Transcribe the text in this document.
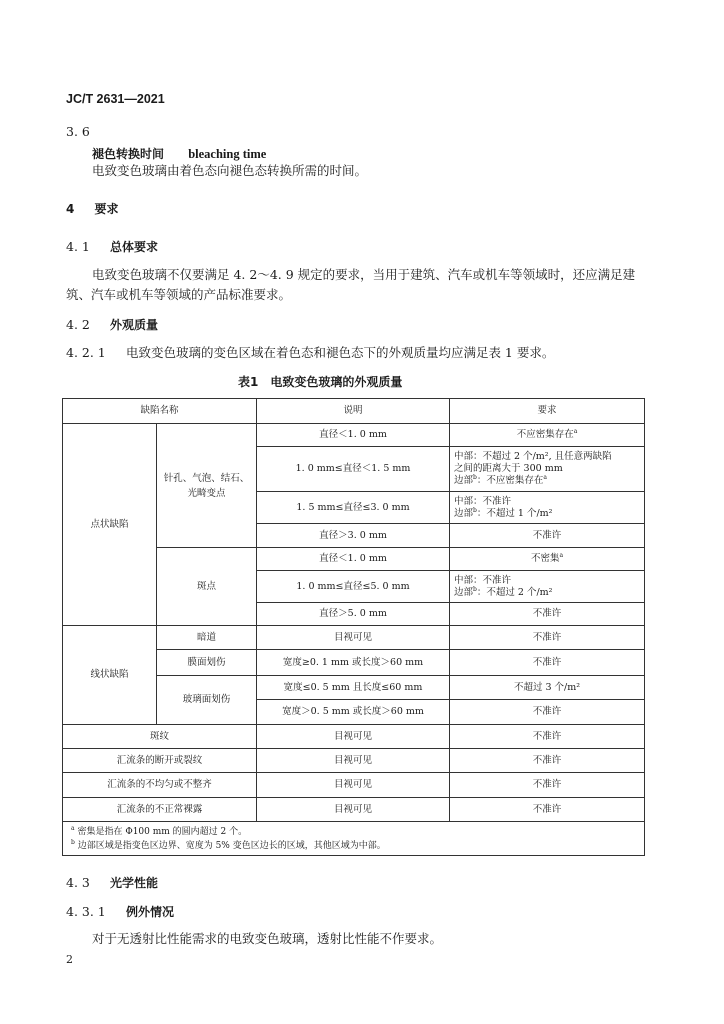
JC/T 2631—2021
3. 6
褪色转换时间 bleaching time
电致变色玻璃由着色态向褪色态转换所需的时间。
4 要求
4. 1 总体要求
电致变色玻璃不仅要满足 4. 2～4. 9 规定的要求，当用于建筑、汽车或机车等领域时，还应满足建
筑、汽车或机车等领域的产品标准要求。
4. 2 外观质量
4. 2. 1 电致变色玻璃的变色区域在着色态和褪色态下的外观质量均应满足表 1 要求。
表1　电致变色玻璃的外观质量
缺陷名称		说明	要求
点状缺陷	针孔、气泡、结石、光畸变点	直径＜1. 0 mm	不应密集存在$^a$
		1. 0 mm≤直径＜1. 5 mm	中部：不超过 2 个/m², 且任意两缺陷
之间的距离大于 300 mm
边部$^b$：不应密集存在$^a$

		1. 5 mm≤直径≤3. 0 mm	中部：不准许
边部$^b$：不超过 1 个/m²

		直径＞3. 0 mm	不准许
	斑点	直径＜1. 0 mm	不密集$^a$
		1. 0 mm≤直径≤5. 0 mm	中部：不准许
边部$^b$：不超过 2 个/m²

		直径＞5. 0 mm	不准许
线状缺陷	暗道	目视可见	不准许
	膜面划伤	宽度≥0. 1 mm 或长度＞60 mm	不准许
	玻璃面划伤	宽度≤0. 5 mm 且长度≤60 mm	不超过 3 个/m²
		宽度＞0. 5 mm 或长度＞60 mm	不准许
斑纹		目视可见	不准许
汇流条的断开或裂纹		目视可见	不准许
汇流条的不均匀或不整齐		目视可见	不准许
汇流条的不正常裸露		目视可见	不准许

$^a$ 密集是指在 Φ100 mm 的圆内超过 2 个。
$^b$ 边部区域是指变色区边界、宽度为 5% 变色区边长的区域，其他区域为中部。			
4. 3 光学性能
4. 3. 1 例外情况
对于无透射比性能需求的电致变色玻璃，透射比性能不作要求。
2
